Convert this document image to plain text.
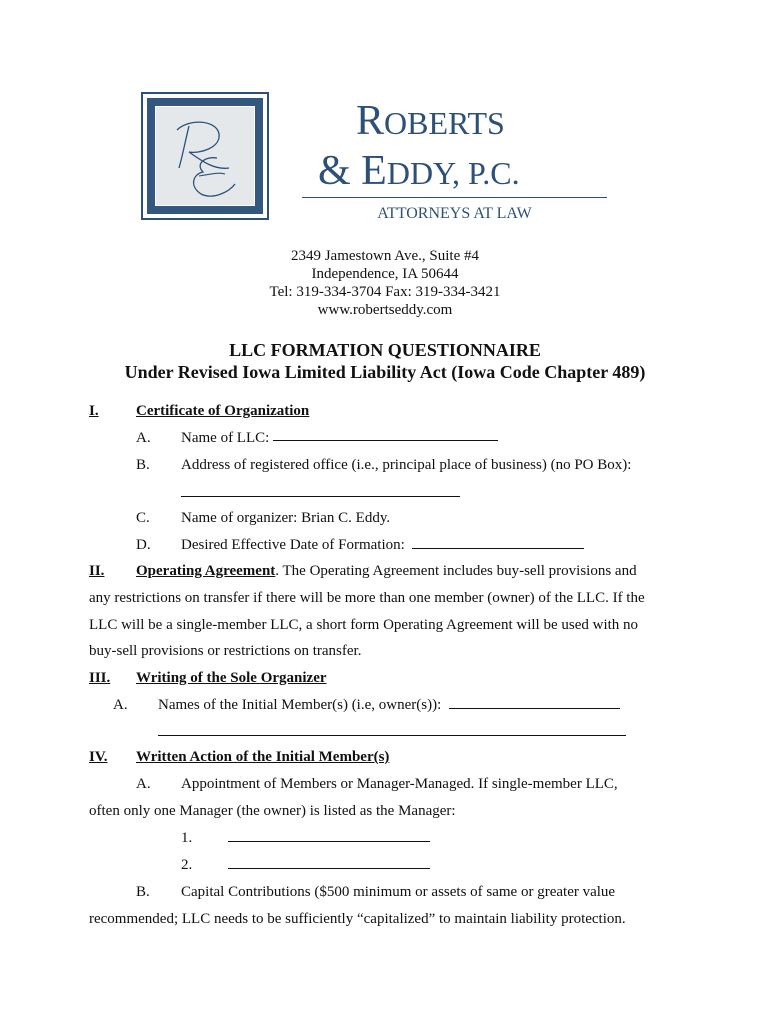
ROBERTS
& EDDY, P.C.
ATTORNEYS AT LAW
2349 Jamestown Ave., Suite #4
Independence, IA 50644
Tel: 319-334-3704 Fax: 319-334-3421
www.robertseddy.com
LLC FORMATION QUESTIONNAIRE
Under Revised Iowa Limited Liability Act (Iowa Code Chapter 489)
I. Certificate of Organization
A. Name of LLC:
B. Address of registered office (i.e., principal place of business) (no PO Box):
C. Name of organizer: Brian C. Eddy.
D. Desired Effective Date of Formation:
II. Operating Agreement. The Operating Agreement includes buy-sell provisions and
any restrictions on transfer if there will be more than one member (owner) of the LLC. If the
LLC will be a single-member LLC, a short form Operating Agreement will be used with no
buy-sell provisions or restrictions on transfer.
III. Writing of the Sole Organizer
A. Names of the Initial Member(s) (i.e, owner(s)):
IV. Written Action of the Initial Member(s)
A. Appointment of Members or Manager-Managed. If single-member LLC,
often only one Manager (the owner) is listed as the Manager:
1.
2.
B. Capital Contributions ($500 minimum or assets of same or greater value
recommended; LLC needs to be sufficiently “capitalized” to maintain liability protection.
